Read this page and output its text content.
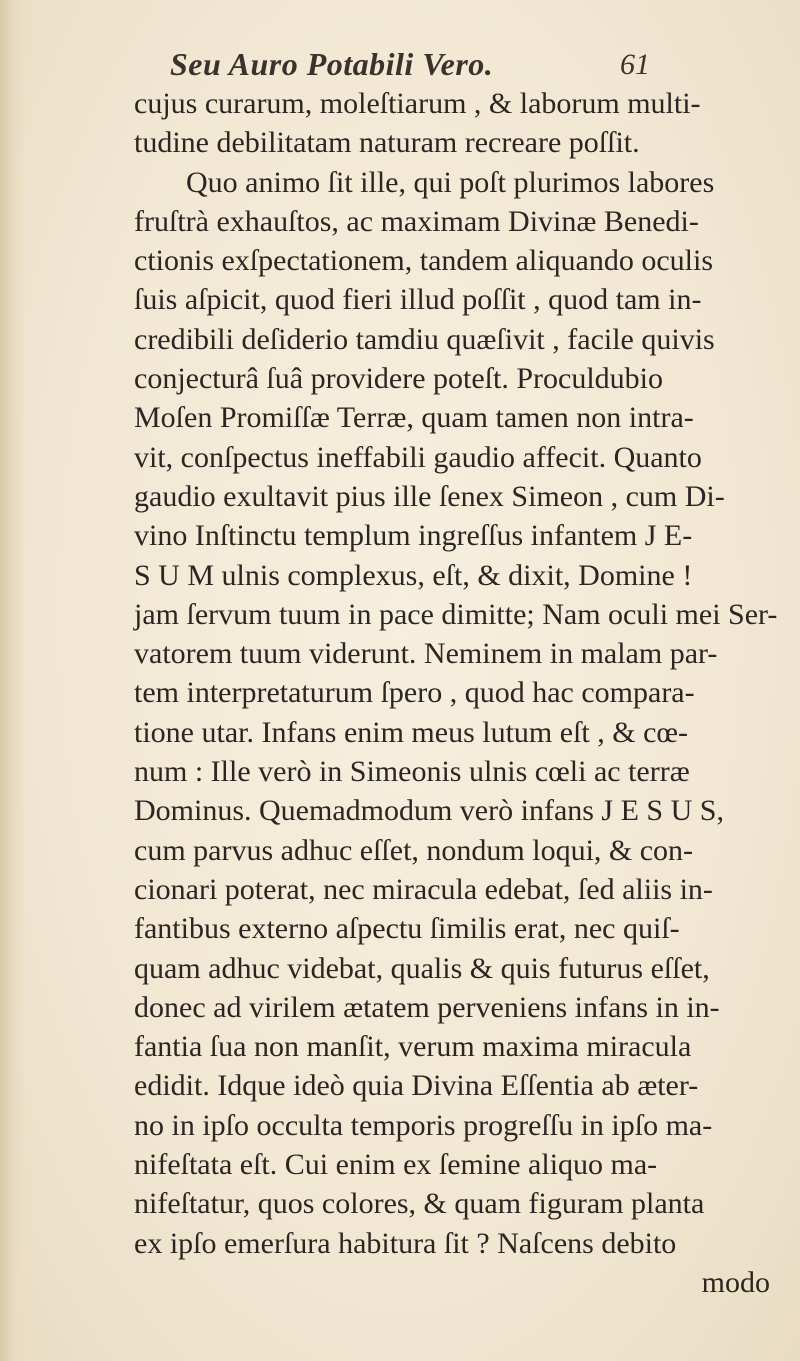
Seu Auro Potabili Vero.	61
cujus curarum, moleſtiarum , & laborum multi-
tudine debilitatam naturam recreare poſſit.
Quo animo ſit ille, qui poſt plurimos labores
fruſtrà exhauſtos, ac maximam Divinæ Benedi-
ctionis exſpectationem, tandem aliquando oculis
ſuis aſpicit, quod fieri illud poſſit , quod tam in-
credibili deſiderio tamdiu quæſivit , facile quivis
conjecturâ ſuâ providere poteſt. Proculdubio
Moſen Promiſſæ Terræ, quam tamen non intra-
vit, conſpectus ineffabili gaudio affecit. Quanto
gaudio exultavit pius ille ſenex Simeon , cum Di-
vino Inſtinctu templum ingreſſus infantem J E-
S U M ulnis complexus, eſt, & dixit, Domine !
jam ſervum tuum in pace dimitte; Nam oculi mei Ser-
vatorem tuum viderunt. Neminem in malam par-
tem interpretaturum ſpero , quod hac compara-
tione utar. Infans enim meus lutum eſt , & cœ-
num : Ille verò in Simeonis ulnis cœli ac terræ
Dominus. Quemadmodum verò infans J E S U S,
cum parvus adhuc eſſet, nondum loqui, & con-
cionari poterat, nec miracula edebat, ſed aliis in-
fantibus externo aſpectu ſimilis erat, nec quiſ-
quam adhuc videbat, qualis & quis futurus eſſet,
donec ad virilem ætatem perveniens infans in in-
fantia ſua non manſit, verum maxima miracula
edidit. Idque ideò quia Divina Eſſentia ab æter-
no in ipſo occulta temporis progreſſu in ipſo ma-
nifeſtata eſt. Cui enim ex ſemine aliquo ma-
nifeſtatur, quos colores, & quam figuram planta
ex ipſo emerſura habitura ſit ? Naſcens debito
modo
